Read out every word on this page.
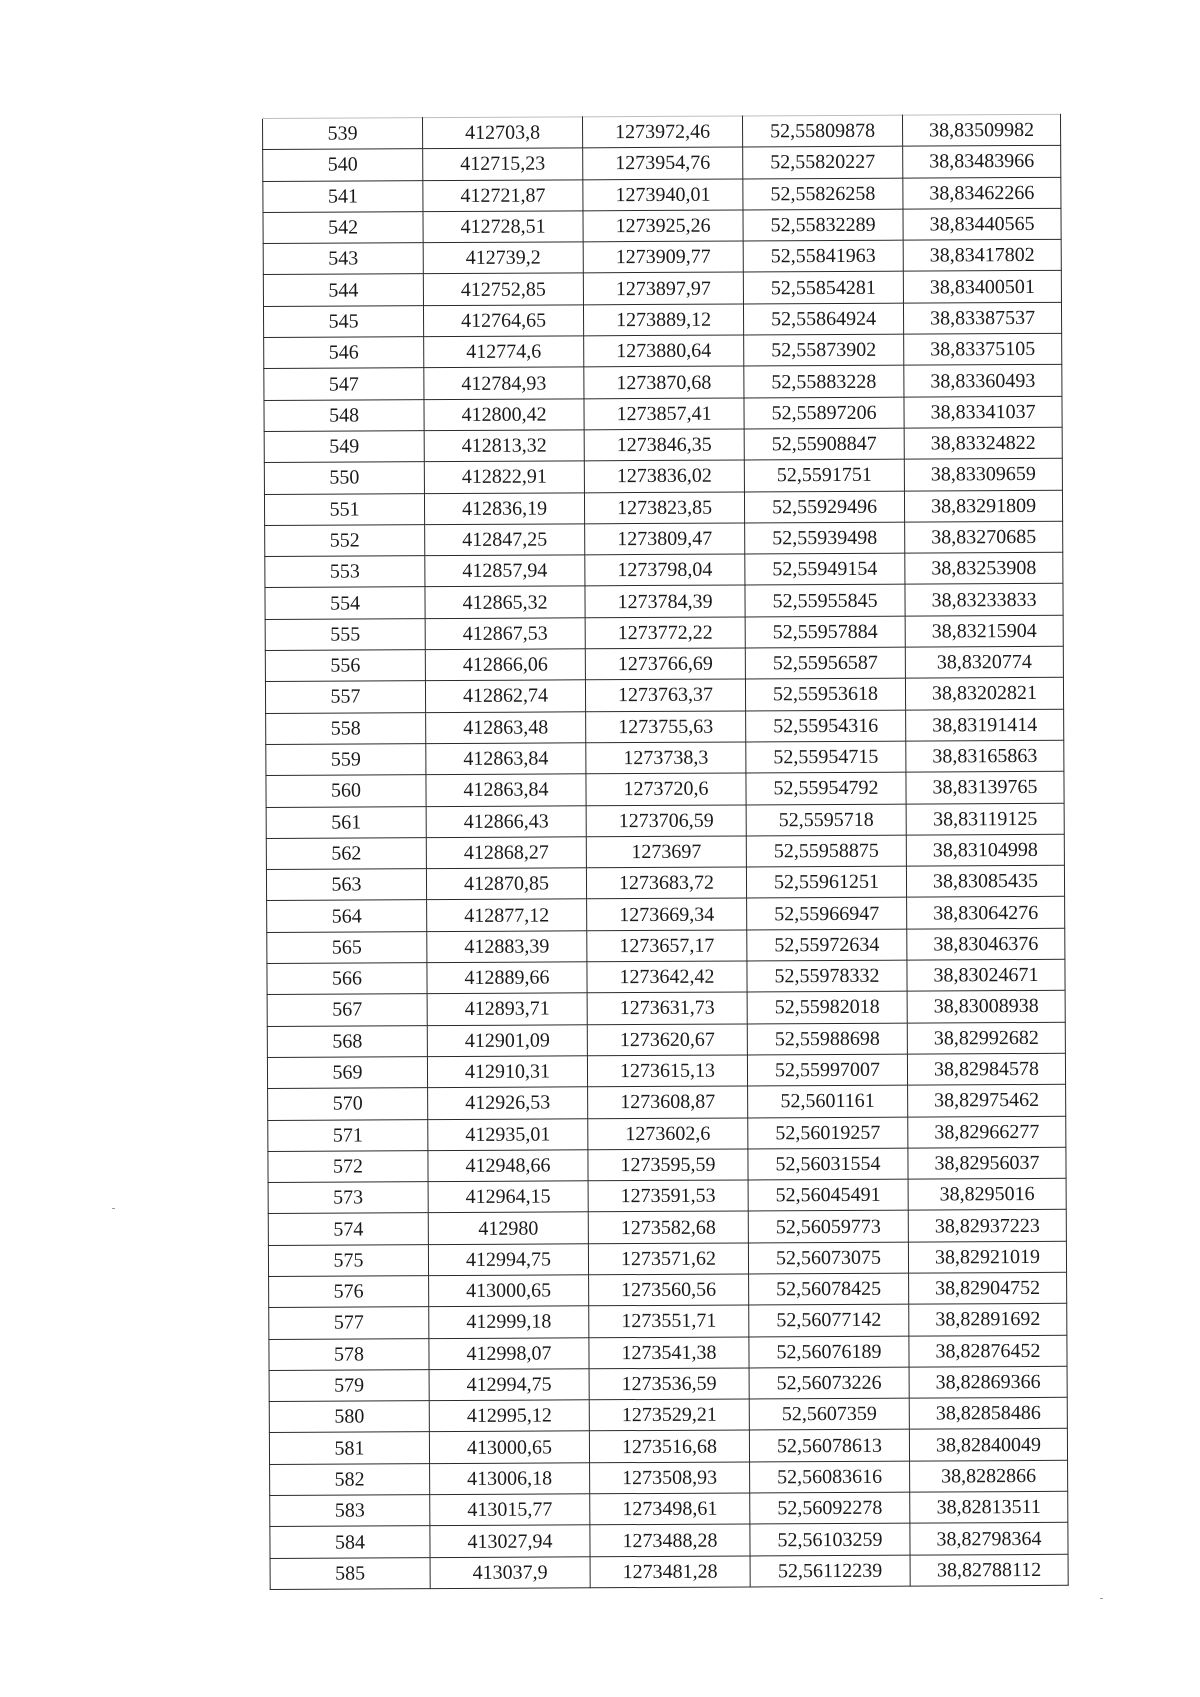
539	412703,8	1273972,46	52,55809878	38,83509982
540	412715,23	1273954,76	52,55820227	38,83483966
541	412721,87	1273940,01	52,55826258	38,83462266
542	412728,51	1273925,26	52,55832289	38,83440565
543	412739,2	1273909,77	52,55841963	38,83417802
544	412752,85	1273897,97	52,55854281	38,83400501
545	412764,65	1273889,12	52,55864924	38,83387537
546	412774,6	1273880,64	52,55873902	38,83375105
547	412784,93	1273870,68	52,55883228	38,83360493
548	412800,42	1273857,41	52,55897206	38,83341037
549	412813,32	1273846,35	52,55908847	38,83324822
550	412822,91	1273836,02	52,5591751	38,83309659
551	412836,19	1273823,85	52,55929496	38,83291809
552	412847,25	1273809,47	52,55939498	38,83270685
553	412857,94	1273798,04	52,55949154	38,83253908
554	412865,32	1273784,39	52,55955845	38,83233833
555	412867,53	1273772,22	52,55957884	38,83215904
556	412866,06	1273766,69	52,55956587	38,8320774
557	412862,74	1273763,37	52,55953618	38,83202821
558	412863,48	1273755,63	52,55954316	38,83191414
559	412863,84	1273738,3	52,55954715	38,83165863
560	412863,84	1273720,6	52,55954792	38,83139765
561	412866,43	1273706,59	52,5595718	38,83119125
562	412868,27	1273697	52,55958875	38,83104998
563	412870,85	1273683,72	52,55961251	38,83085435
564	412877,12	1273669,34	52,55966947	38,83064276
565	412883,39	1273657,17	52,55972634	38,83046376
566	412889,66	1273642,42	52,55978332	38,83024671
567	412893,71	1273631,73	52,55982018	38,83008938
568	412901,09	1273620,67	52,55988698	38,82992682
569	412910,31	1273615,13	52,55997007	38,82984578
570	412926,53	1273608,87	52,5601161	38,82975462
571	412935,01	1273602,6	52,56019257	38,82966277
572	412948,66	1273595,59	52,56031554	38,82956037
573	412964,15	1273591,53	52,56045491	38,8295016
574	412980	1273582,68	52,56059773	38,82937223
575	412994,75	1273571,62	52,56073075	38,82921019
576	413000,65	1273560,56	52,56078425	38,82904752
577	412999,18	1273551,71	52,56077142	38,82891692
578	412998,07	1273541,38	52,56076189	38,82876452
579	412994,75	1273536,59	52,56073226	38,82869366
580	412995,12	1273529,21	52,5607359	38,82858486
581	413000,65	1273516,68	52,56078613	38,82840049
582	413006,18	1273508,93	52,56083616	38,8282866
583	413015,77	1273498,61	52,56092278	38,82813511
584	413027,94	1273488,28	52,56103259	38,82798364
585	413037,9	1273481,28	52,56112239	38,82788112
